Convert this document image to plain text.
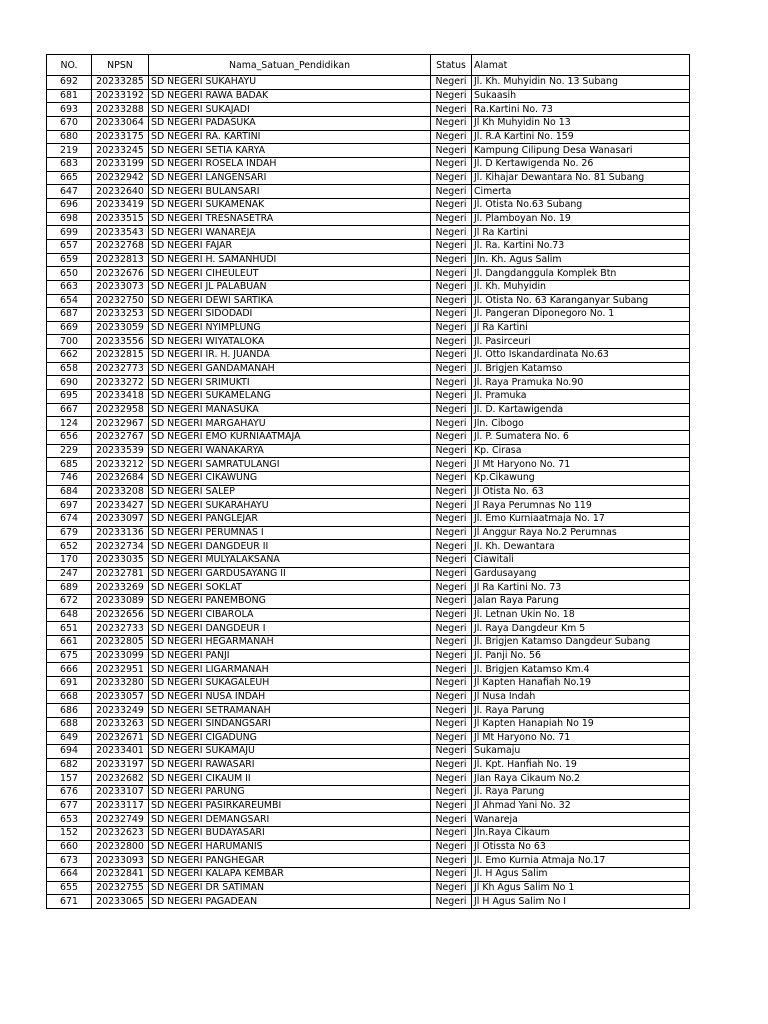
NO.	NPSN	Nama_Satuan_Pendidikan	Status	Alamat
692	20233285	SD NEGERI SUKAHAYU	Negeri	Jl. Kh. Muhyidin No. 13 Subang
681	20233192	SD NEGERI RAWA BADAK	Negeri	Sukaasih
693	20233288	SD NEGERI SUKAJADI	Negeri	Ra.Kartini No. 73
670	20233064	SD NEGERI PADASUKA	Negeri	Jl Kh Muhyidin No 13
680	20233175	SD NEGERI RA. KARTINI	Negeri	Jl. R.A Kartini No. 159
219	20233245	SD NEGERI SETIA KARYA	Negeri	Kampung Cilipung Desa Wanasari
683	20233199	SD NEGERI ROSELA INDAH	Negeri	Jl. D Kertawigenda No. 26
665	20232942	SD NEGERI LANGENSARI	Negeri	Jl. Kihajar Dewantara No. 81 Subang
647	20232640	SD NEGERI BULANSARI	Negeri	Cimerta
696	20233419	SD NEGERI SUKAMENAK	Negeri	Jl. Otista No.63 Subang
698	20233515	SD NEGERI TRESNASETRA	Negeri	Jl. Plamboyan No. 19
699	20233543	SD NEGERI WANAREJA	Negeri	Jl Ra Kartini
657	20232768	SD NEGERI FAJAR	Negeri	Jl. Ra. Kartini No.73
659	20232813	SD NEGERI H. SAMANHUDI	Negeri	Jln. Kh. Agus Salim
650	20232676	SD NEGERI CIHEULEUT	Negeri	Jl. Dangdanggula Komplek Btn
663	20233073	SD NEGERI JL PALABUAN	Negeri	Jl. Kh. Muhyidin
654	20232750	SD NEGERI DEWI SARTIKA	Negeri	Jl. Otista No. 63 Karanganyar Subang
687	20233253	SD NEGERI SIDODADI	Negeri	Jl. Pangeran Diponegoro No. 1
669	20233059	SD NEGERI NYIMPLUNG	Negeri	Jl Ra Kartini
700	20233556	SD NEGERI WIYATALOKA	Negeri	Jl. Pasirceuri
662	20232815	SD NEGERI IR. H. JUANDA	Negeri	Jl. Otto Iskandardinata No.63
658	20232773	SD NEGERI GANDAMANAH	Negeri	Jl. Brigjen Katamso
690	20233272	SD NEGERI SRIMUKTI	Negeri	Jl. Raya Pramuka No.90
695	20233418	SD NEGERI SUKAMELANG	Negeri	Jl. Pramuka
667	20232958	SD NEGERI MANASUKA	Negeri	Jl. D. Kartawigenda
124	20232967	SD NEGERI MARGAHAYU	Negeri	Jln. Cibogo
656	20232767	SD NEGERI EMO KURNIAATMAJA	Negeri	Jl. P. Sumatera No. 6
229	20233539	SD NEGERI WANAKARYA	Negeri	Kp. Cirasa
685	20233212	SD NEGERI SAMRATULANGI	Negeri	Jl Mt Haryono No. 71
746	20232684	SD NEGERI CIKAWUNG	Negeri	Kp.Cikawung
684	20233208	SD NEGERI SALEP	Negeri	Jl Otista No. 63
697	20233427	SD NEGERI SUKARAHAYU	Negeri	Jl Raya Perumnas No 119
674	20233097	SD NEGERI PANGLEJAR	Negeri	Jl. Emo Kurniaatmaja No. 17
679	20233136	SD NEGERI PERUMNAS I	Negeri	Jl Anggur Raya No.2 Perumnas
652	20232734	SD NEGERI DANGDEUR II	Negeri	Jl. Kh. Dewantara
170	20233035	SD NEGERI MULYALAKSANA	Negeri	Ciawitali
247	20232781	SD NEGERI GARDUSAYANG II	Negeri	Gardusayang
689	20233269	SD NEGERI SOKLAT	Negeri	Jl Ra Kartini No. 73
672	20233089	SD NEGERI PANEMBONG	Negeri	Jalan Raya Parung
648	20232656	SD NEGERI CIBAROLA	Negeri	Jl. Letnan Ukin No. 18
651	20232733	SD NEGERI DANGDEUR I	Negeri	Jl. Raya Dangdeur Km 5
661	20232805	SD NEGERI HEGARMANAH	Negeri	Jl. Brigjen Katamso Dangdeur Subang
675	20233099	SD NEGERI PANJI	Negeri	Jl. Panji No. 56
666	20232951	SD NEGERI LIGARMANAH	Negeri	Jl. Brigjen Katamso Km.4
691	20233280	SD NEGERI SUKAGALEUH	Negeri	Jl Kapten Hanafiah No.19
668	20233057	SD NEGERI NUSA INDAH	Negeri	Jl Nusa Indah
686	20233249	SD NEGERI SETRAMANAH	Negeri	Jl. Raya Parung
688	20233263	SD NEGERI SINDANGSARI	Negeri	Jl Kapten Hanapiah No 19
649	20232671	SD NEGERI CIGADUNG	Negeri	Jl Mt Haryono No. 71
694	20233401	SD NEGERI SUKAMAJU	Negeri	Sukamaju
682	20233197	SD NEGERI RAWASARI	Negeri	Jl. Kpt. Hanfiah No. 19
157	20232682	SD NEGERI CIKAUM II	Negeri	Jlan Raya Cikaum No.2
676	20233107	SD NEGERI PARUNG	Negeri	Jl. Raya Parung
677	20233117	SD NEGERI PASIRKAREUMBI	Negeri	Jl Ahmad Yani No. 32
653	20232749	SD NEGERI DEMANGSARI	Negeri	Wanareja
152	20232623	SD NEGERI BUDAYASARI	Negeri	Jln.Raya Cikaum
660	20232800	SD NEGERI HARUMANIS	Negeri	Jl Otissta No 63
673	20233093	SD NEGERI PANGHEGAR	Negeri	Jl. Emo Kurnia Atmaja No.17
664	20232841	SD NEGERI KALAPA KEMBAR	Negeri	Jl. H Agus Salim
655	20232755	SD NEGERI DR SATIMAN	Negeri	Jl Kh Agus Salim No 1
671	20233065	SD NEGERI PAGADEAN	Negeri	Jl H Agus Salim No I
